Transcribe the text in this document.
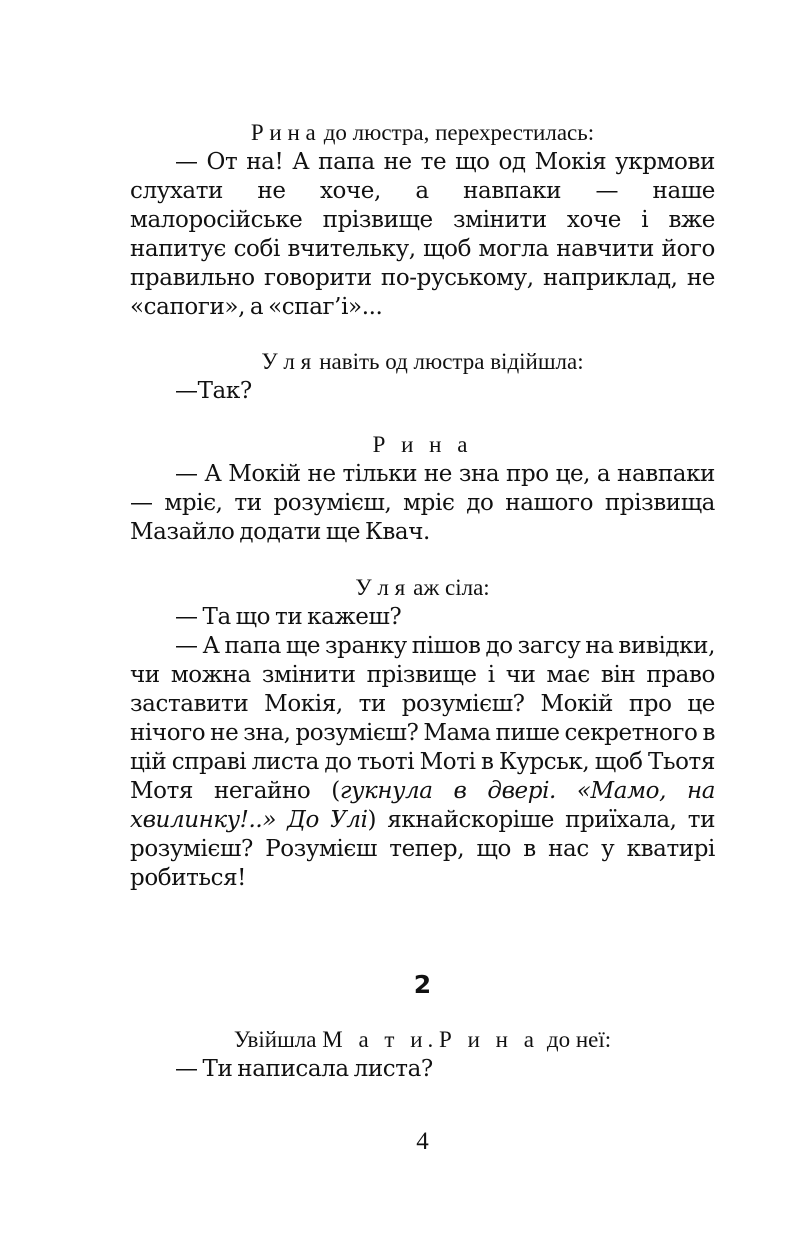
Р и н а до люстра, перехрестилась:
— От на! А папа не те що од Мокія укрмови слухати не хоче, а навпаки — наше малоросійське прізвище змінити хоче і вже напитує собі вчительку, щоб могла навчити його правильно говорити по-руському, наприклад, не «сапоги», а «спаг’і»...
У л я навіть од люстра відійшла:
—Так?
Р и н а
— А Мокій не тільки не зна про це, а навпаки — мріє, ти розумієш, мріє до нашого прізвища Мазайло додати ще Квач.
У л я аж сіла:
— Та що ти кажеш?
— А папа ще зранку пішов до загсу на вивідки, чи можна змінити прізвище і чи має він право заставити Мокія, ти розумієш? Мокій про це нічого не зна, розумієш? Мама пише секретного в цій справі листа до тьоті Моті в Курськ, щоб Тьотя Мотя негайно (гукнула в двері. «Мамо, на хвилинку!..» До Улі) якнайскоріше приїхала, ти розумієш? Розумієш тепер, що в нас у кватирі робиться!
2
Увійшла М а т и. Р и н а до неї:
— Ти написала листа?
4
